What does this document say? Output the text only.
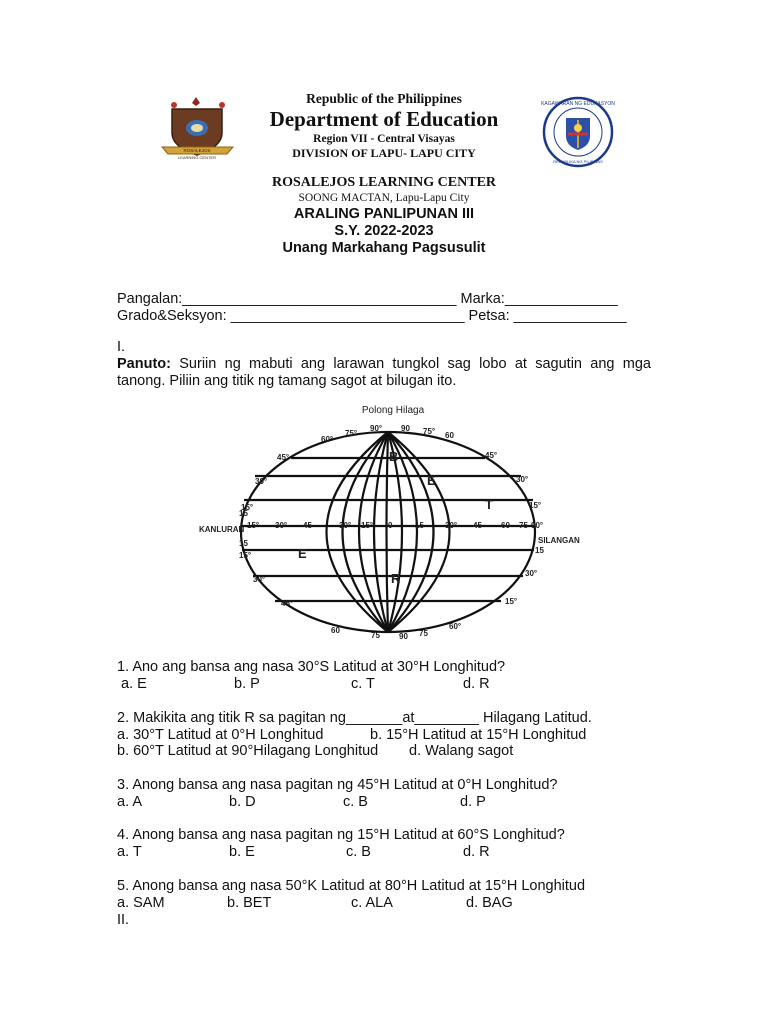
ROSALEJOS
LEARNING CENTER
KAGAWARAN NG EDUKASYON
REPUBLIKA NG PILIPINAS
Republic of the Philippines
Department of Education
Region VII - Central Visayas
DIVISION OF LAPU- LAPU CITY
ROSALEJOS LEARNING CENTER
SOONG MACTAN, Lapu-Lapu City
ARALING PANLIPUNAN III
S.Y. 2022-2023
Unang Markahang Pagsusulit
Pangalan:__________________________________ Marka:______________
Grado&Seksyon: _____________________________ Petsa: ______________
I.
Panuto: Suriin ng mabuti ang larawan tungkol sag lobo at sagutin ang mga tanong. Piliin ang titik ng tamang sagot at bilugan ito.
Polong Hilaga
KANLURAN
SILANGAN
B
E
T
E
R
60°
75°
90° 90 75° 60
45°
30°
15°
30°
15°
45°
30°
15°
15
30° 45	30° 15° 0	15	30° 45 60 75 90°
15°
30°
45°	15°
60
75 90 75
60°
15
15
1. Ano ang bansa ang nasa 30°S Latitud at 30°H Longhitud?
a. E	b. P	c. T	d. R
2. Makikita ang titik R sa pagitan ng_______at________ Hilagang Latitud.
a. 30°T Latitud at 0°H Longhitud	b. 15°H Latitud at 15°H Longhitud
b. 60°T Latitud at 90°Hilagang Longhitud d. Walang sagot
3. Anong bansa ang nasa pagitan ng 45°H Latitud at 0°H Longhitud?
a. A	b. D	c. B	d. P
4. Anong bansa ang nasa pagitan ng 15°H Latitud at 60°S Longhitud?
a. T	b. E	c. B	d. R
5. Anong bansa ang nasa 50°K Latitud at 80°H Latitud at 15°H Longhitud
a. SAM	b. BET	c. ALA	d. BAG
II.
